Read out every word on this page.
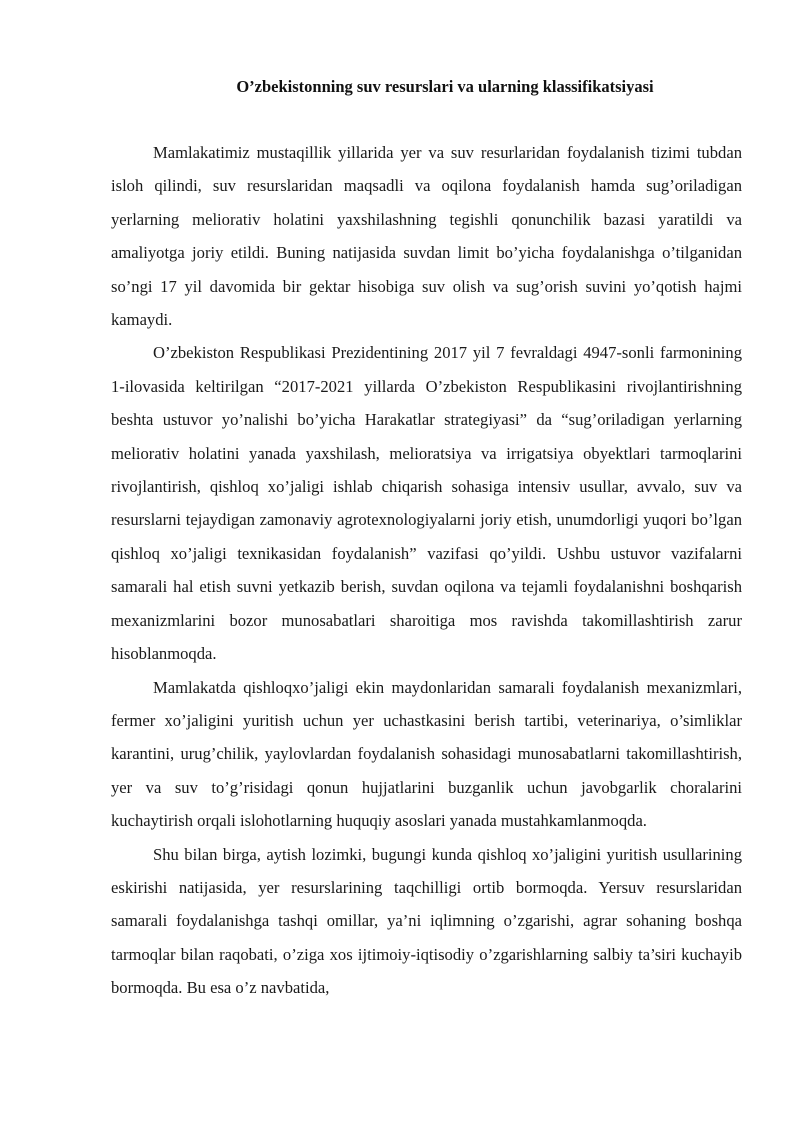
O’zbekistonning suv resurslari va ularning klassifikatsiyasi

Mamlakatimiz mustaqillik yillarida yer va suv resurlaridan foydalanish tizimi tubdan isloh qilindi, suv resurslaridan maqsadli va oqilona foydalanish hamda sug’oriladigan yerlarning meliorativ holatini yaxshilashning tegishli qonunchilik bazasi yaratildi va amaliyotga joriy etildi. Buning natijasida suvdan limit bo’yicha foydalanishga o’tilganidan so’ngi 17 yil davomida bir gektar hisobiga suv olish va sug’orish suvini yo’qotish hajmi kamaydi.

O’zbekiston Respublikasi Prezidentining 2017 yil 7 fevraldagi 4947-sonli farmonining 1-ilovasida keltirilgan “2017-2021 yillarda O’zbekiston Respublikasini rivojlantirishning beshta ustuvor yo’nalishi bo’yicha Harakatlar strategiyasi” da “sug’oriladigan yerlarning meliorativ holatini yanada yaxshilash, melioratsiya va irrigatsiya obyektlari tarmoqlarini rivojlantirish, qishloq xo’jaligi ishlab chiqarish sohasiga intensiv usullar, avvalo, suv va resurslarni tejaydigan zamonaviy agrotexnologiyalarni joriy etish, unumdorligi yuqori bo’lgan qishloq xo’jaligi texnikasidan foydalanish” vazifasi qo’yildi. Ushbu ustuvor vazifalarni samarali hal etish suvni yetkazib berish, suvdan oqilona va tejamli foydalanishni boshqarish mexanizmlarini bozor munosabatlari sharoitiga mos ravishda takomillashtirish zarur hisoblanmoqda.

Mamlakatda qishloqxo’jaligi ekin maydonlaridan samarali foydalanish mexanizmlari, fermer xo’jaligini yuritish uchun yer uchastkasini berish tartibi, veterinariya, o’simliklar karantini, urug’chilik, yaylovlardan foydalanish sohasidagi munosabatlarni takomillashtirish, yer va suv to’g’risidagi qonun hujjatlarini buzganlik uchun javobgarlik choralarini kuchaytirish orqali islohotlarning huquqiy asoslari yanada mustahkamlanmoqda.

Shu bilan birga, aytish lozimki, bugungi kunda qishloq xo’jaligini yuritish usullarining eskirishi natijasida, yer resurslarining taqchilligi ortib bormoqda. Yersuv resurslaridan samarali foydalanishga tashqi omillar, ya’ni iqlimning o’zgarishi, agrar sohaning boshqa tarmoqlar bilan raqobati, o’ziga xos ijtimoiy-iqtisodiy o’zgarishlarning salbiy ta’siri kuchayib bormoqda. Bu esa o’z navbatida,
